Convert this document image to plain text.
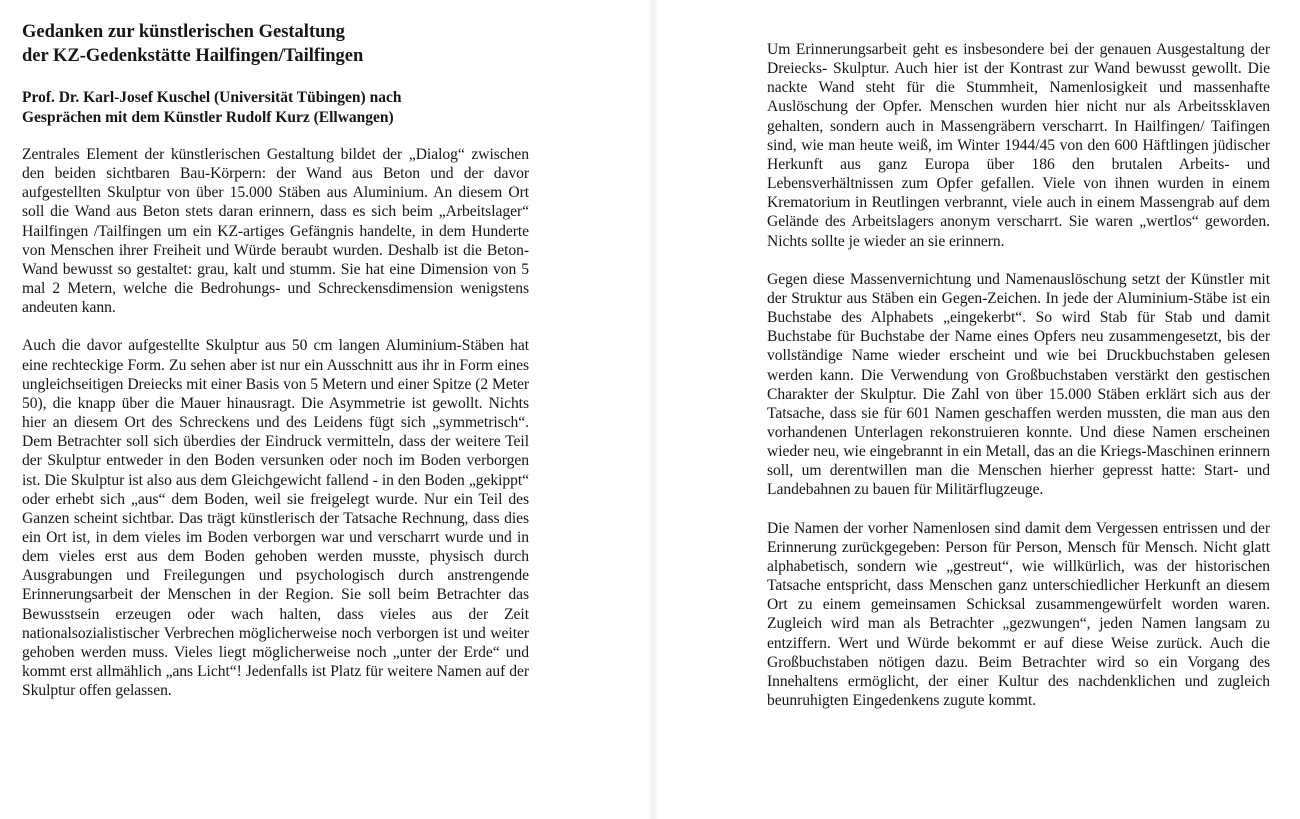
Gedanken zur künstlerischen Gestaltung
der KZ-Gedenkstätte Hailfingen/Tailfingen
Prof. Dr. Karl-Josef Kuschel (Universität Tübingen) nach
Gesprächen mit dem Künstler Rudolf Kurz (Ellwangen)

Zentrales Element der künstlerischen Gestaltung bildet der „Dialog“ zwischen den beiden sichtbaren Bau-Körpern: der Wand aus Beton und der davor aufgestellten Skulptur von über 15.000 Stäben aus Aluminium. An diesem Ort soll die Wand aus Beton stets daran erinnern, dass es sich beim „Arbeitslager“ Hailfingen /Tailfingen um ein KZ-artiges Gefängnis handelte, in dem Hunderte von Menschen ihrer Freiheit und Würde beraubt wurden. Deshalb ist die Beton-Wand bewusst so gestaltet: grau, kalt und stumm. Sie hat eine Dimension von 5 mal 2 Metern, welche die Bedrohungs- und Schreckensdimension wenigstens andeuten kann.

Auch die davor aufgestellte Skulptur aus 50 cm langen Aluminium-Stäben hat eine rechteckige Form. Zu sehen aber ist nur ein Ausschnitt aus ihr in Form eines ungleichseitigen Dreiecks mit einer Basis von 5 Metern und einer Spitze (2 Meter 50), die knapp über die Mauer hinausragt. Die Asymmetrie ist gewollt. Nichts hier an diesem Ort des Schreckens und des Leidens fügt sich „symmetrisch“. Dem Betrachter soll sich überdies der Eindruck vermitteln, dass der weitere Teil der Skulptur entweder in den Boden versunken oder noch im Boden verborgen ist. Die Skulptur ist also aus dem Gleichgewicht fallend - in den Boden „gekippt“ oder erhebt sich „aus“ dem Boden, weil sie freigelegt wurde. Nur ein Teil des Ganzen scheint sichtbar. Das trägt künstlerisch der Tatsache Rechnung, dass dies ein Ort ist, in dem vieles im Boden verborgen war und verscharrt wurde und in dem vieles erst aus dem Boden gehoben werden musste, physisch durch Ausgrabungen und Freilegungen und psychologisch durch anstrengende Erinnerungsarbeit der Menschen in der Region. Sie soll beim Betrachter das Bewusstsein erzeugen oder wach halten, dass vieles aus der Zeit nationalsozialistischer Verbrechen möglicherweise noch verborgen ist und weiter gehoben werden muss. Vieles liegt möglicherweise noch „unter der Erde“ und kommt erst allmählich „ans Licht“! Jedenfalls ist Platz für weitere Namen auf der Skulptur offen gelassen.

Um Erinnerungsarbeit geht es insbesondere bei der genauen Ausgestaltung der Dreiecks- Skulptur. Auch hier ist der Kontrast zur Wand bewusst gewollt. Die nackte Wand steht für die Stummheit, Namenlosigkeit und massenhafte Auslöschung der Opfer. Menschen wurden hier nicht nur als Arbeitssklaven gehalten, sondern auch in Massengräbern verscharrt. In Hailfingen/ Taifingen sind, wie man heute weiß, im Winter 1944/45 von den 600 Häftlingen jüdischer Herkunft aus ganz Europa über 186 den brutalen Arbeits- und Lebensverhältnissen zum Opfer gefallen. Viele von ihnen wurden in einem Krematorium in Reutlingen verbrannt, viele auch in einem Massengrab auf dem Gelände des Arbeitslagers anonym verscharrt. Sie waren „wertlos“ geworden. Nichts sollte je wieder an sie erinnern.

Gegen diese Massenvernichtung und Namenauslöschung setzt der Künstler mit der Struktur aus Stäben ein Gegen-Zeichen. In jede der Aluminium-Stäbe ist ein Buchstabe des Alphabets „eingekerbt“. So wird Stab für Stab und damit Buchstabe für Buchstabe der Name eines Opfers neu zusammengesetzt, bis der vollständige Name wieder erscheint und wie bei Druckbuchstaben gelesen werden kann. Die Verwendung von Großbuchstaben verstärkt den gestischen Charakter der Skulptur. Die Zahl von über 15.000 Stäben erklärt sich aus der Tatsache, dass sie für 601 Namen geschaffen werden mussten, die man aus den vorhandenen Unterlagen rekonstruieren konnte. Und diese Namen erscheinen wieder neu, wie eingebrannt in ein Metall, das an die Kriegs-Maschinen erinnern soll, um derentwillen man die Menschen hierher gepresst hatte: Start- und Landebahnen zu bauen für Militärflugzeuge.

Die Namen der vorher Namenlosen sind damit dem Vergessen entrissen und der Erinnerung zurückgegeben: Person für Person, Mensch für Mensch. Nicht glatt alphabetisch, sondern wie „gestreut“, wie willkürlich, was der historischen Tatsache entspricht, dass Menschen ganz unterschiedlicher Herkunft an diesem Ort zu einem gemeinsamen Schicksal zusammengewürfelt worden waren. Zugleich wird man als Betrachter „gezwungen“, jeden Namen langsam zu entziffern. Wert und Würde bekommt er auf diese Weise zurück. Auch die Großbuchstaben nötigen dazu. Beim Betrachter wird so ein Vorgang des Innehaltens ermöglicht, der einer Kultur des nachdenklichen und zugleich beunruhigten Eingedenkens zugute kommt.
